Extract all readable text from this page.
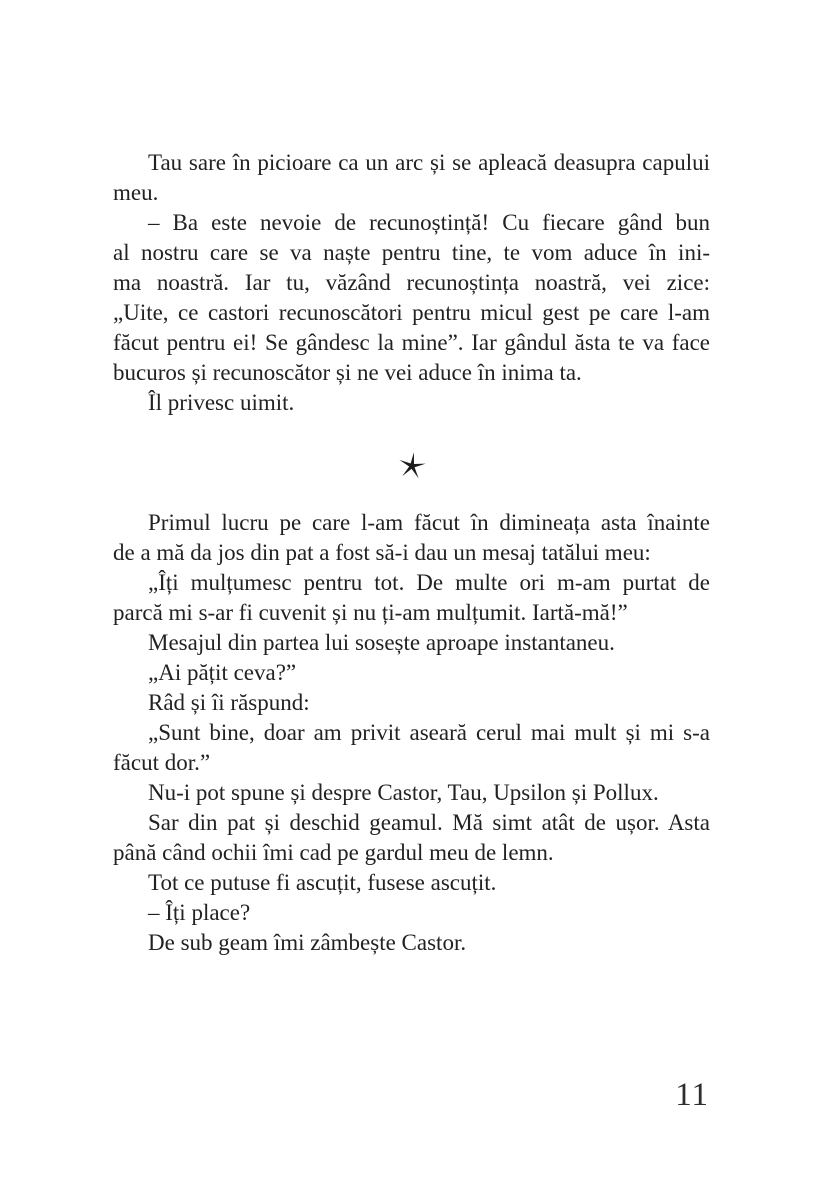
Tau sare în picioare ca un arc și se apleacă deasupra capului
meu.
– Ba este nevoie de recunoștință! Cu fiecare gând bun
al nostru care se va naște pentru tine, te vom aduce în ini-
ma noastră. Iar tu, văzând recunoștința noastră, vei zice:
„Uite, ce castori recunoscători pentru micul gest pe care l-am
făcut pentru ei! Se gândesc la mine”. Iar gândul ăsta te va face
bucuros și recunoscător și ne vei aduce în inima ta.
Îl privesc uimit.
Primul lucru pe care l-am făcut în dimineața asta înainte
de a mă da jos din pat a fost să-i dau un mesaj tatălui meu:
„Îți mulțumesc pentru tot. De multe ori m-am purtat de
parcă mi s-ar fi cuvenit și nu ți-am mulțumit. Iartă-mă!”
Mesajul din partea lui sosește aproape instantaneu.
„Ai pățit ceva?”
Râd și îi răspund:
„Sunt bine, doar am privit aseară cerul mai mult și mi s-a
făcut dor.”
Nu-i pot spune și despre Castor, Tau, Upsilon și Pollux.
Sar din pat și deschid geamul. Mă simt atât de ușor. Asta
până când ochii îmi cad pe gardul meu de lemn.
Tot ce putuse fi ascuțit, fusese ascuțit.
– Îți place?
De sub geam îmi zâmbește Castor.
11
